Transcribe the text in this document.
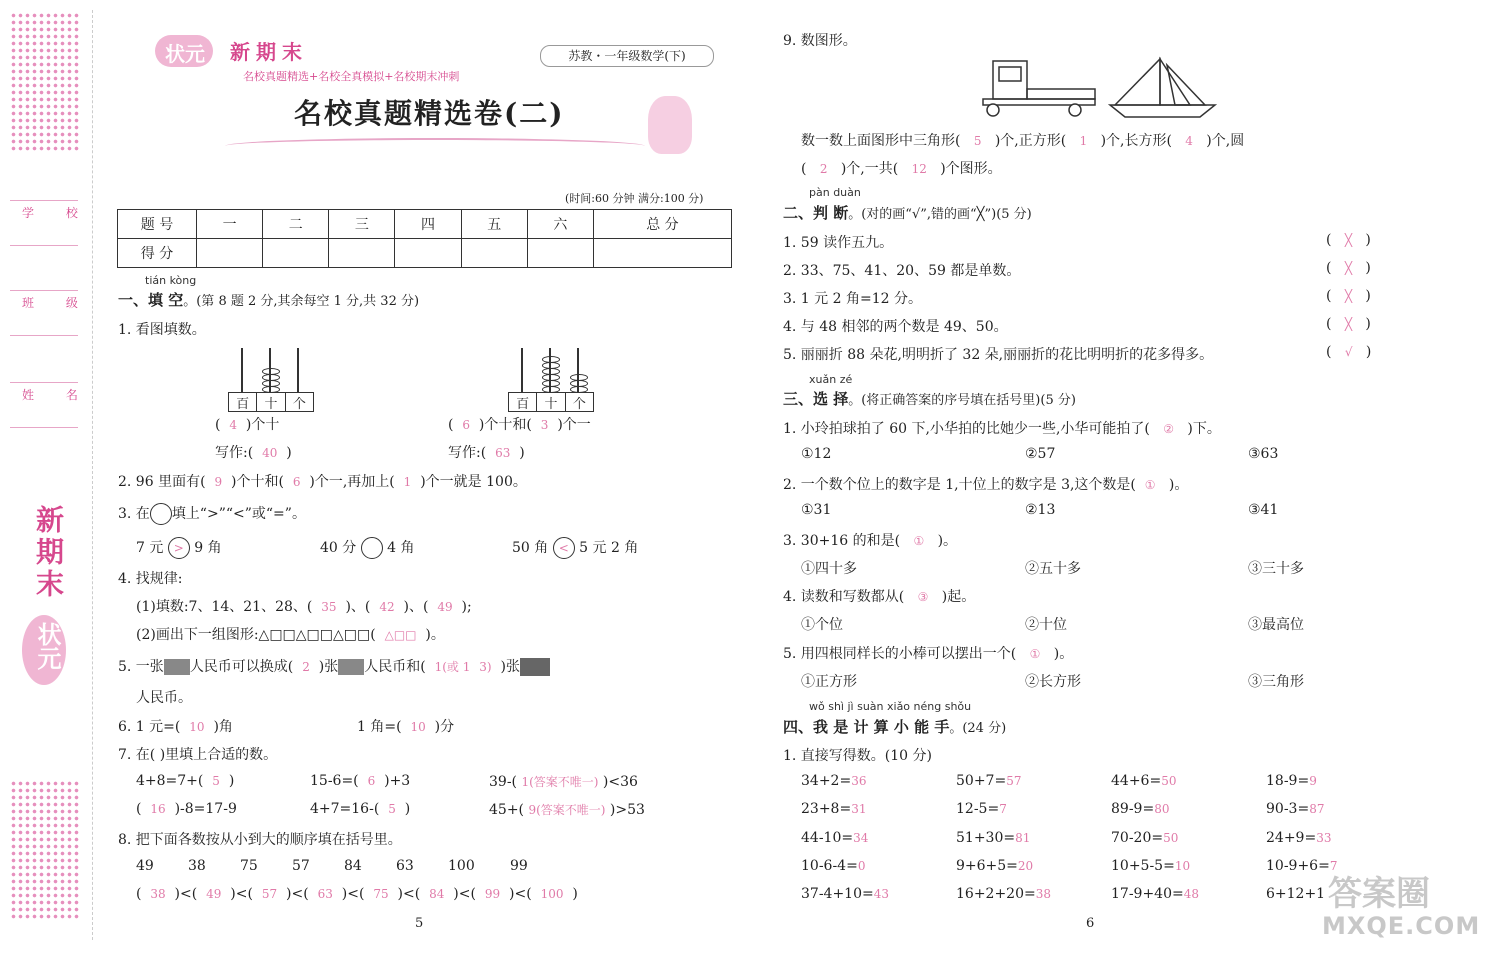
学 校
班 级
姓 名
新期末
状元
状元 新期末
名校真题精选+名校全真模拟+名校期末冲刺
苏教・一年级数学(下)
名校真题精选卷(二)
(时间:60 分钟 满分:100 分)
题 号	一	二	三	四	五	六	总 分
得 分							
tián kòng
一、填 空。(第 8 题 2 分,其余每空 1 分,共 32 分)
1. 看图填数。
百	十	个
( 4 )个十
写作:( 40 )
百	十	个
( 6 )个十和( 3 )个一
写作:( 63 )
2. 96 里面有( 9 )个十和( 6 )个一,再加上( 1 )个一就是 100。
3. 在 填上“>”“<”或“=”。
7 元 > 9 角	40 分 4 角	50 角 < 5 元 2 角
4. 找规律:
(1)填数:7、14、21、28、( 35 )、( 42 )、( 49 );
(2)画出下一组图形:△□□△□□△□□( △□□ )。
5. 一张 人民币可以换成( 2 )张 人民币和( 1(或 1 3) )张
人民币。
6. 1 元=( 10 )角	1 角=( 10 )分
7. 在( )里填上合适的数。
4+8=7+( 5 )	15-6=( 6 )+3	39-( 1(答案不唯一) )<36
( 16 )-8=17-9	4+7=16-( 5 )	45+( 9(答案不唯一) )>53
8. 把下面各数按从小到大的顺序填在括号里。
49 38 75 57 84 63 100	99
(  38  )<(  49  )<(  57  )<(  63  )<(  75  )<(  84  )<(  99  )<(  100  )
5
9. 数图形。
数一数上面图形中三角形( 5 )个,正方形( 1 )个,长方形( 4 )个,圆
( 2 )个,一共( 12 )个图形。
pàn duàn
二、判 断。(对的画“√”,错的画“╳”)(5 分)
1. 59 读作五九。	(   ╳   )
2. 33、75、41、20、59 都是单数。	(   ╳   )
3. 1 元 2 角=12 分。	(   ╳   )
4. 与 48 相邻的两个数是 49、50。	(   ╳   )
5. 丽丽折 88 朵花,明明折了 32 朵,丽丽折的花比明明折的花多得多。	(   √   )
xuǎn zé
三、选 择。(将正确答案的序号填在括号里)(5 分)
1. 小玲拍球拍了 60 下,小华拍的比她少一些,小华可能拍了( ② )下。
①12	②57	③63
2. 一个数个位上的数字是 1,十位上的数字是 3,这个数是( ① )。
①31	②13	③41
3. 30+16 的和是( ① )。
①四十多	②五十多	③三十多
4. 读数和写数都从( ③ )起。
①个位	②十位	③最高位
5. 用四根同样长的小棒可以摆出一个( ① )。
①正方形	②长方形	③三角形
wǒ shì jì suàn xiǎo néng shǒu
四、我 是 计 算 小 能 手。(24 分)
1. 直接写得数。(10 分)
34+2=36	50+7=57	44+6=50	18-9=9
23+8=31	12-5=7	89-9=80	90-3=87
44-10=34	51+30=81	70-20=50	24+9=33
10-6-4=0	9+6+5=20	10+5-5=10	10-9+6=7
37-4+10=43	16+2+20=38	17-9+40=48	6+12+1
6
答案圈
MXQE.COM
